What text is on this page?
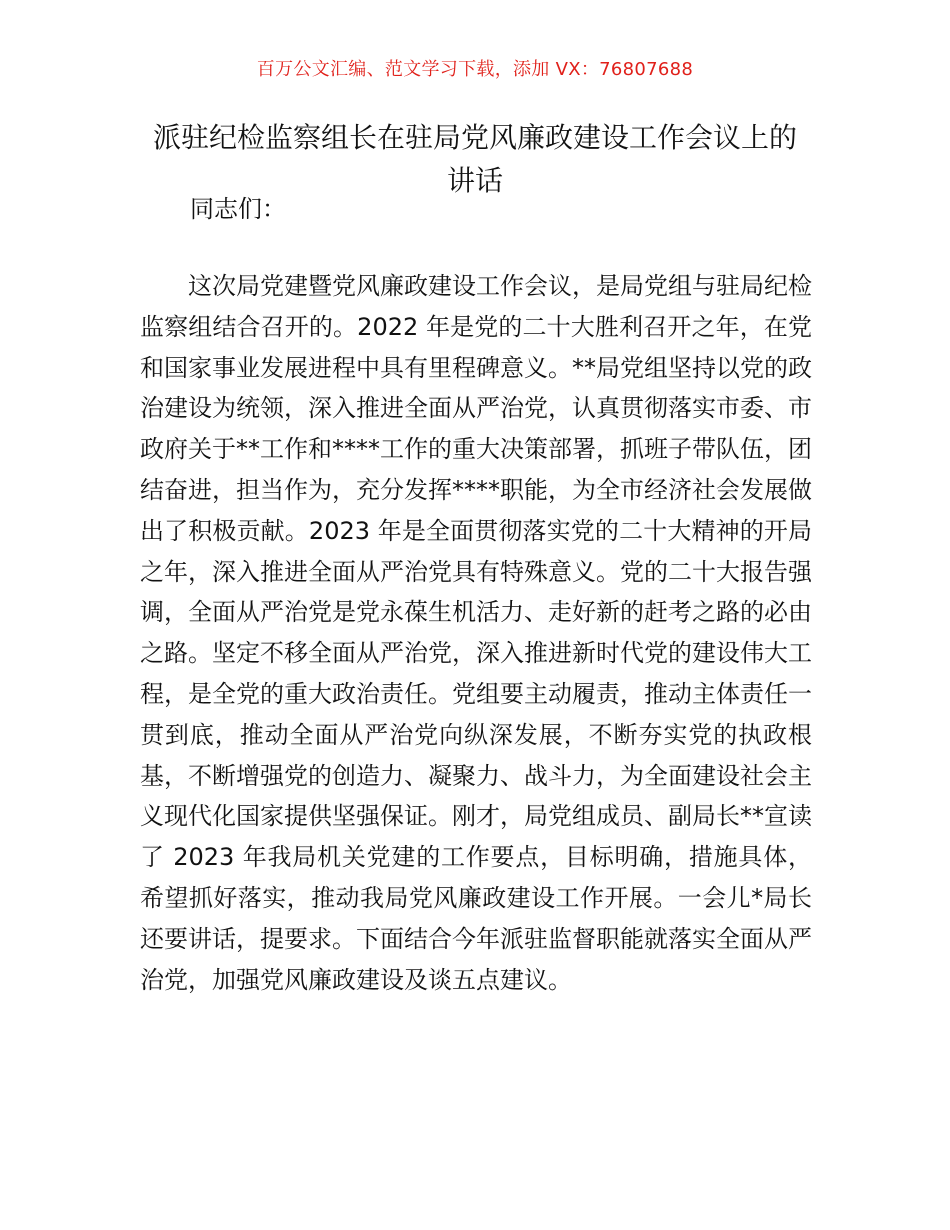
百万公文汇编、范文学习下载，添加 VX：76807688
派驻纪检监察组长在驻局党风廉政建设工作会议上的讲话
同志们：

这次局党建暨党风廉政建设工作会议，是局党组与驻局纪检监察组结合召开的。2022 年是党的二十大胜利召开之年，在党和国家事业发展进程中具有里程碑意义。**局党组坚持以党的政治建设为统领，深入推进全面从严治党，认真贯彻落实市委、市政府关于**工作和****工作的重大决策部署，抓班子带队伍，团结奋进，担当作为，充分发挥****职能，为全市经济社会发展做出了积极贡献。2023 年是全面贯彻落实党的二十大精神的开局之年，深入推进全面从严治党具有特殊意义。党的二十大报告强调，全面从严治党是党永葆生机活力、走好新的赶考之路的必由之路。坚定不移全面从严治党，深入推进新时代党的建设伟大工程，是全党的重大政治责任。党组要主动履责，推动主体责任一贯到底，推动全面从严治党向纵深发展，不断夯实党的执政根基，不断增强党的创造力、凝聚力、战斗力，为全面建设社会主义现代化国家提供坚强保证。刚才，局党组成员、副局长**宣读了 2023 年我局机关党建的工作要点，目标明确，措施具体，希望抓好落实，推动我局党风廉政建设工作开展。一会儿*局长还要讲话，提要求。下面结合今年派驻监督职能就落实全面从严治党，加强党风廉政建设及谈五点建议。
